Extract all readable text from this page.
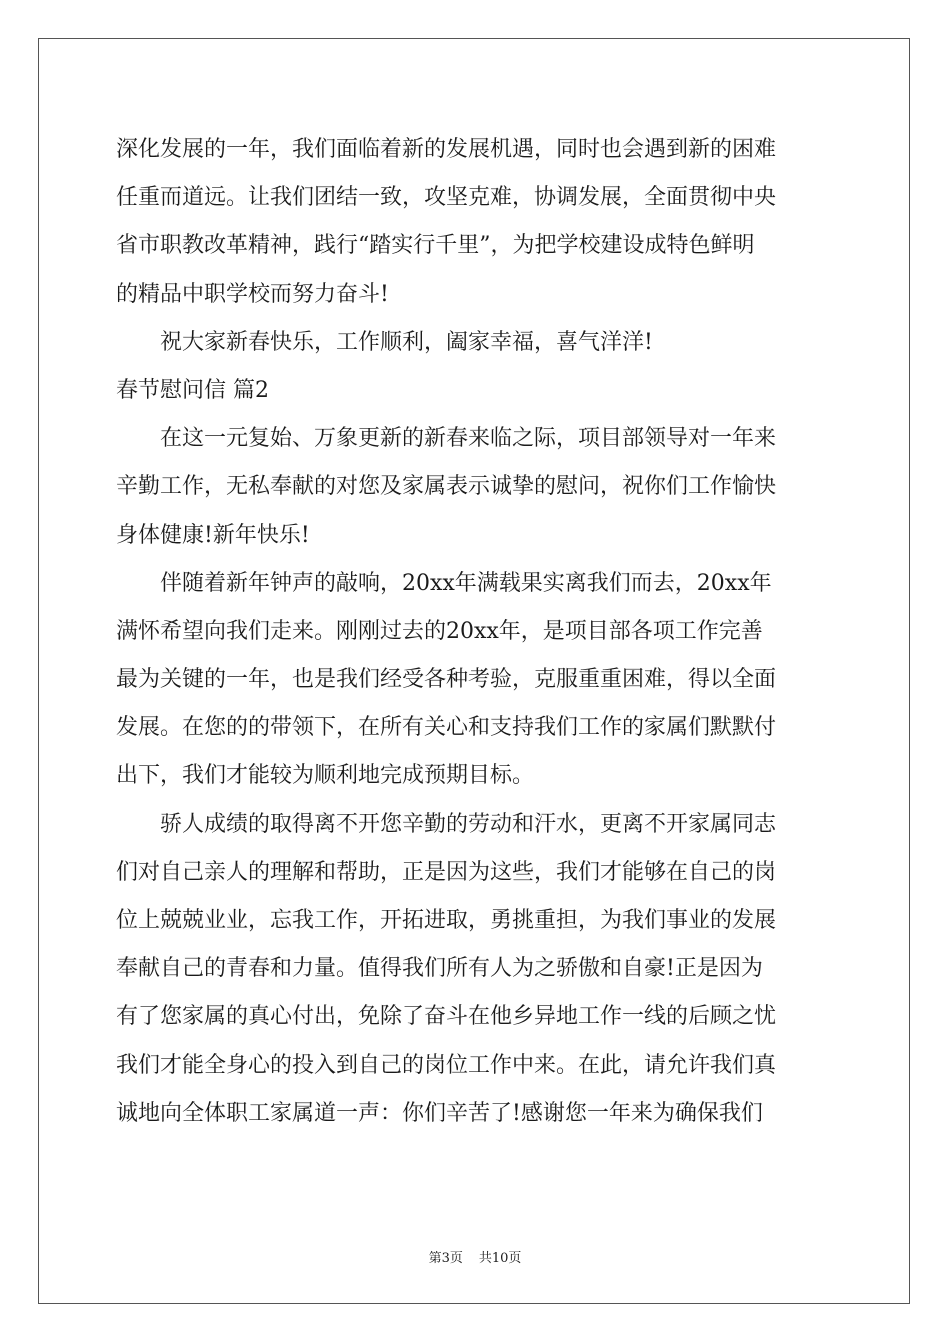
深化发展的一年，我们面临着新的发展机遇，同时也会遇到新的困难
任重而道远。让我们团结一致，攻坚克难，协调发展，全面贯彻中央
省市职教改革精神，践行“踏实行千里”，为把学校建设成特色鲜明
的精品中职学校而努力奋斗!
祝大家新春快乐，工作顺利，阖家幸福，喜气洋洋!
春节慰问信 篇2
在这一元复始、万象更新的新春来临之际，项目部领导对一年来
辛勤工作，无私奉献的对您及家属表示诚挚的慰问，祝你们工作愉快
身体健康!新年快乐!
伴随着新年钟声的敲响，20xx年满载果实离我们而去，20xx年
满怀希望向我们走来。刚刚过去的20xx年，是项目部各项工作完善
最为关键的一年，也是我们经受各种考验，克服重重困难，得以全面
发展。在您的的带领下，在所有关心和支持我们工作的家属们默默付
出下，我们才能较为顺利地完成预期目标。
骄人成绩的取得离不开您辛勤的劳动和汗水，更离不开家属同志
们对自己亲人的理解和帮助，正是因为这些，我们才能够在自己的岗
位上兢兢业业，忘我工作，开拓进取，勇挑重担，为我们事业的发展
奉献自己的青春和力量。值得我们所有人为之骄傲和自豪!正是因为
有了您家属的真心付出，免除了奋斗在他乡异地工作一线的后顾之忧
我们才能全身心的投入到自己的岗位工作中来。在此，请允许我们真
诚地向全体职工家属道一声：你们辛苦了!感谢您一年来为确保我们
第3页 共10页
